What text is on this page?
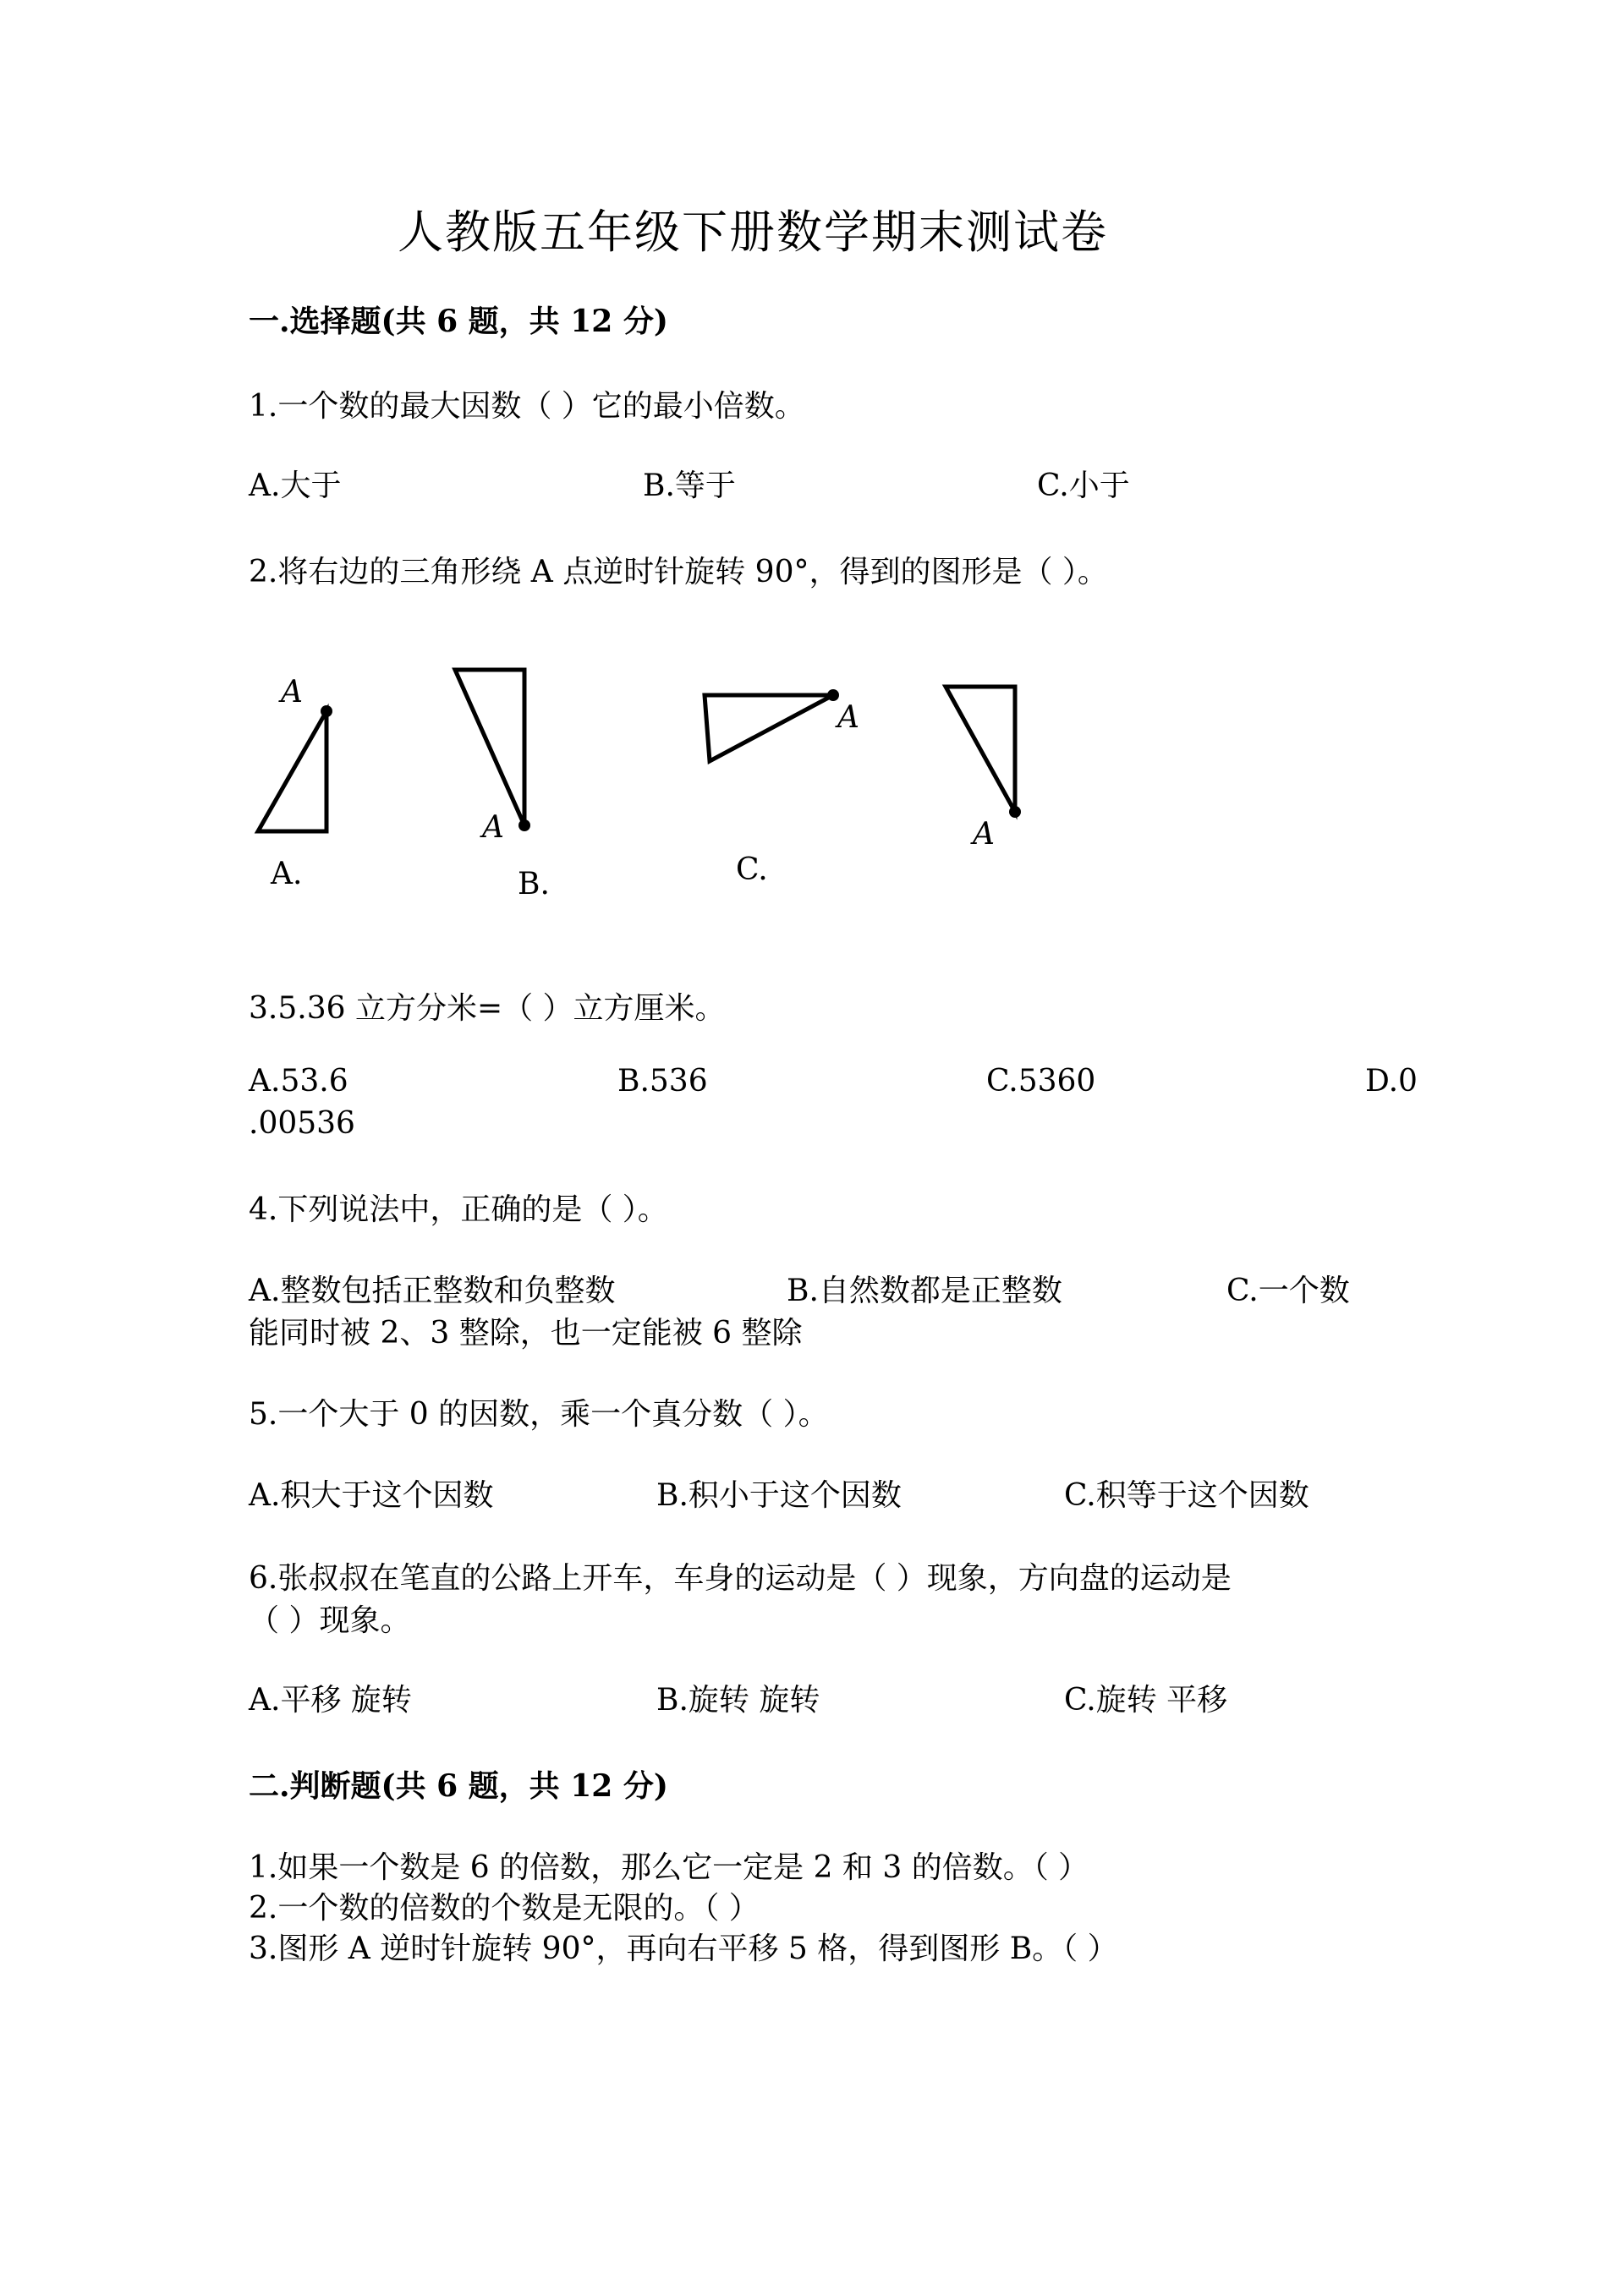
人教版五年级下册数学期末测试卷
一.选择题(共 6 题，共 12 分)
1.一个数的最大因数（ ）它的最小倍数。
A.大于	B.等于	C.小于
2.将右边的三角形绕 A 点逆时针旋转 90°，得到的图形是（ ）。
A
A.
A
B.
A
C.
A
3.5.36 立方分米=（ ）立方厘米。
A.53.6	B.536	C.5360	D.0
.00536
4.下列说法中，正确的是（ ）。
A.整数包括正整数和负整数	B.自然数都是正整数	C.一个数
能同时被 2、3 整除，也一定能被 6 整除
5.一个大于 0 的因数，乘一个真分数（ ）。
A.积大于这个因数	B.积小于这个因数	C.积等于这个因数
6.张叔叔在笔直的公路上开车，车身的运动是（ ）现象，方向盘的运动是
（ ）现象。
A.平移 旋转	B.旋转 旋转	C.旋转 平移
二.判断题(共 6 题，共 12 分)
1.如果一个数是 6 的倍数，那么它一定是 2 和 3 的倍数。（ ）
2.一个数的倍数的个数是无限的。（ ）
3.图形 A 逆时针旋转 90°，再向右平移 5 格，得到图形 B。（ ）
